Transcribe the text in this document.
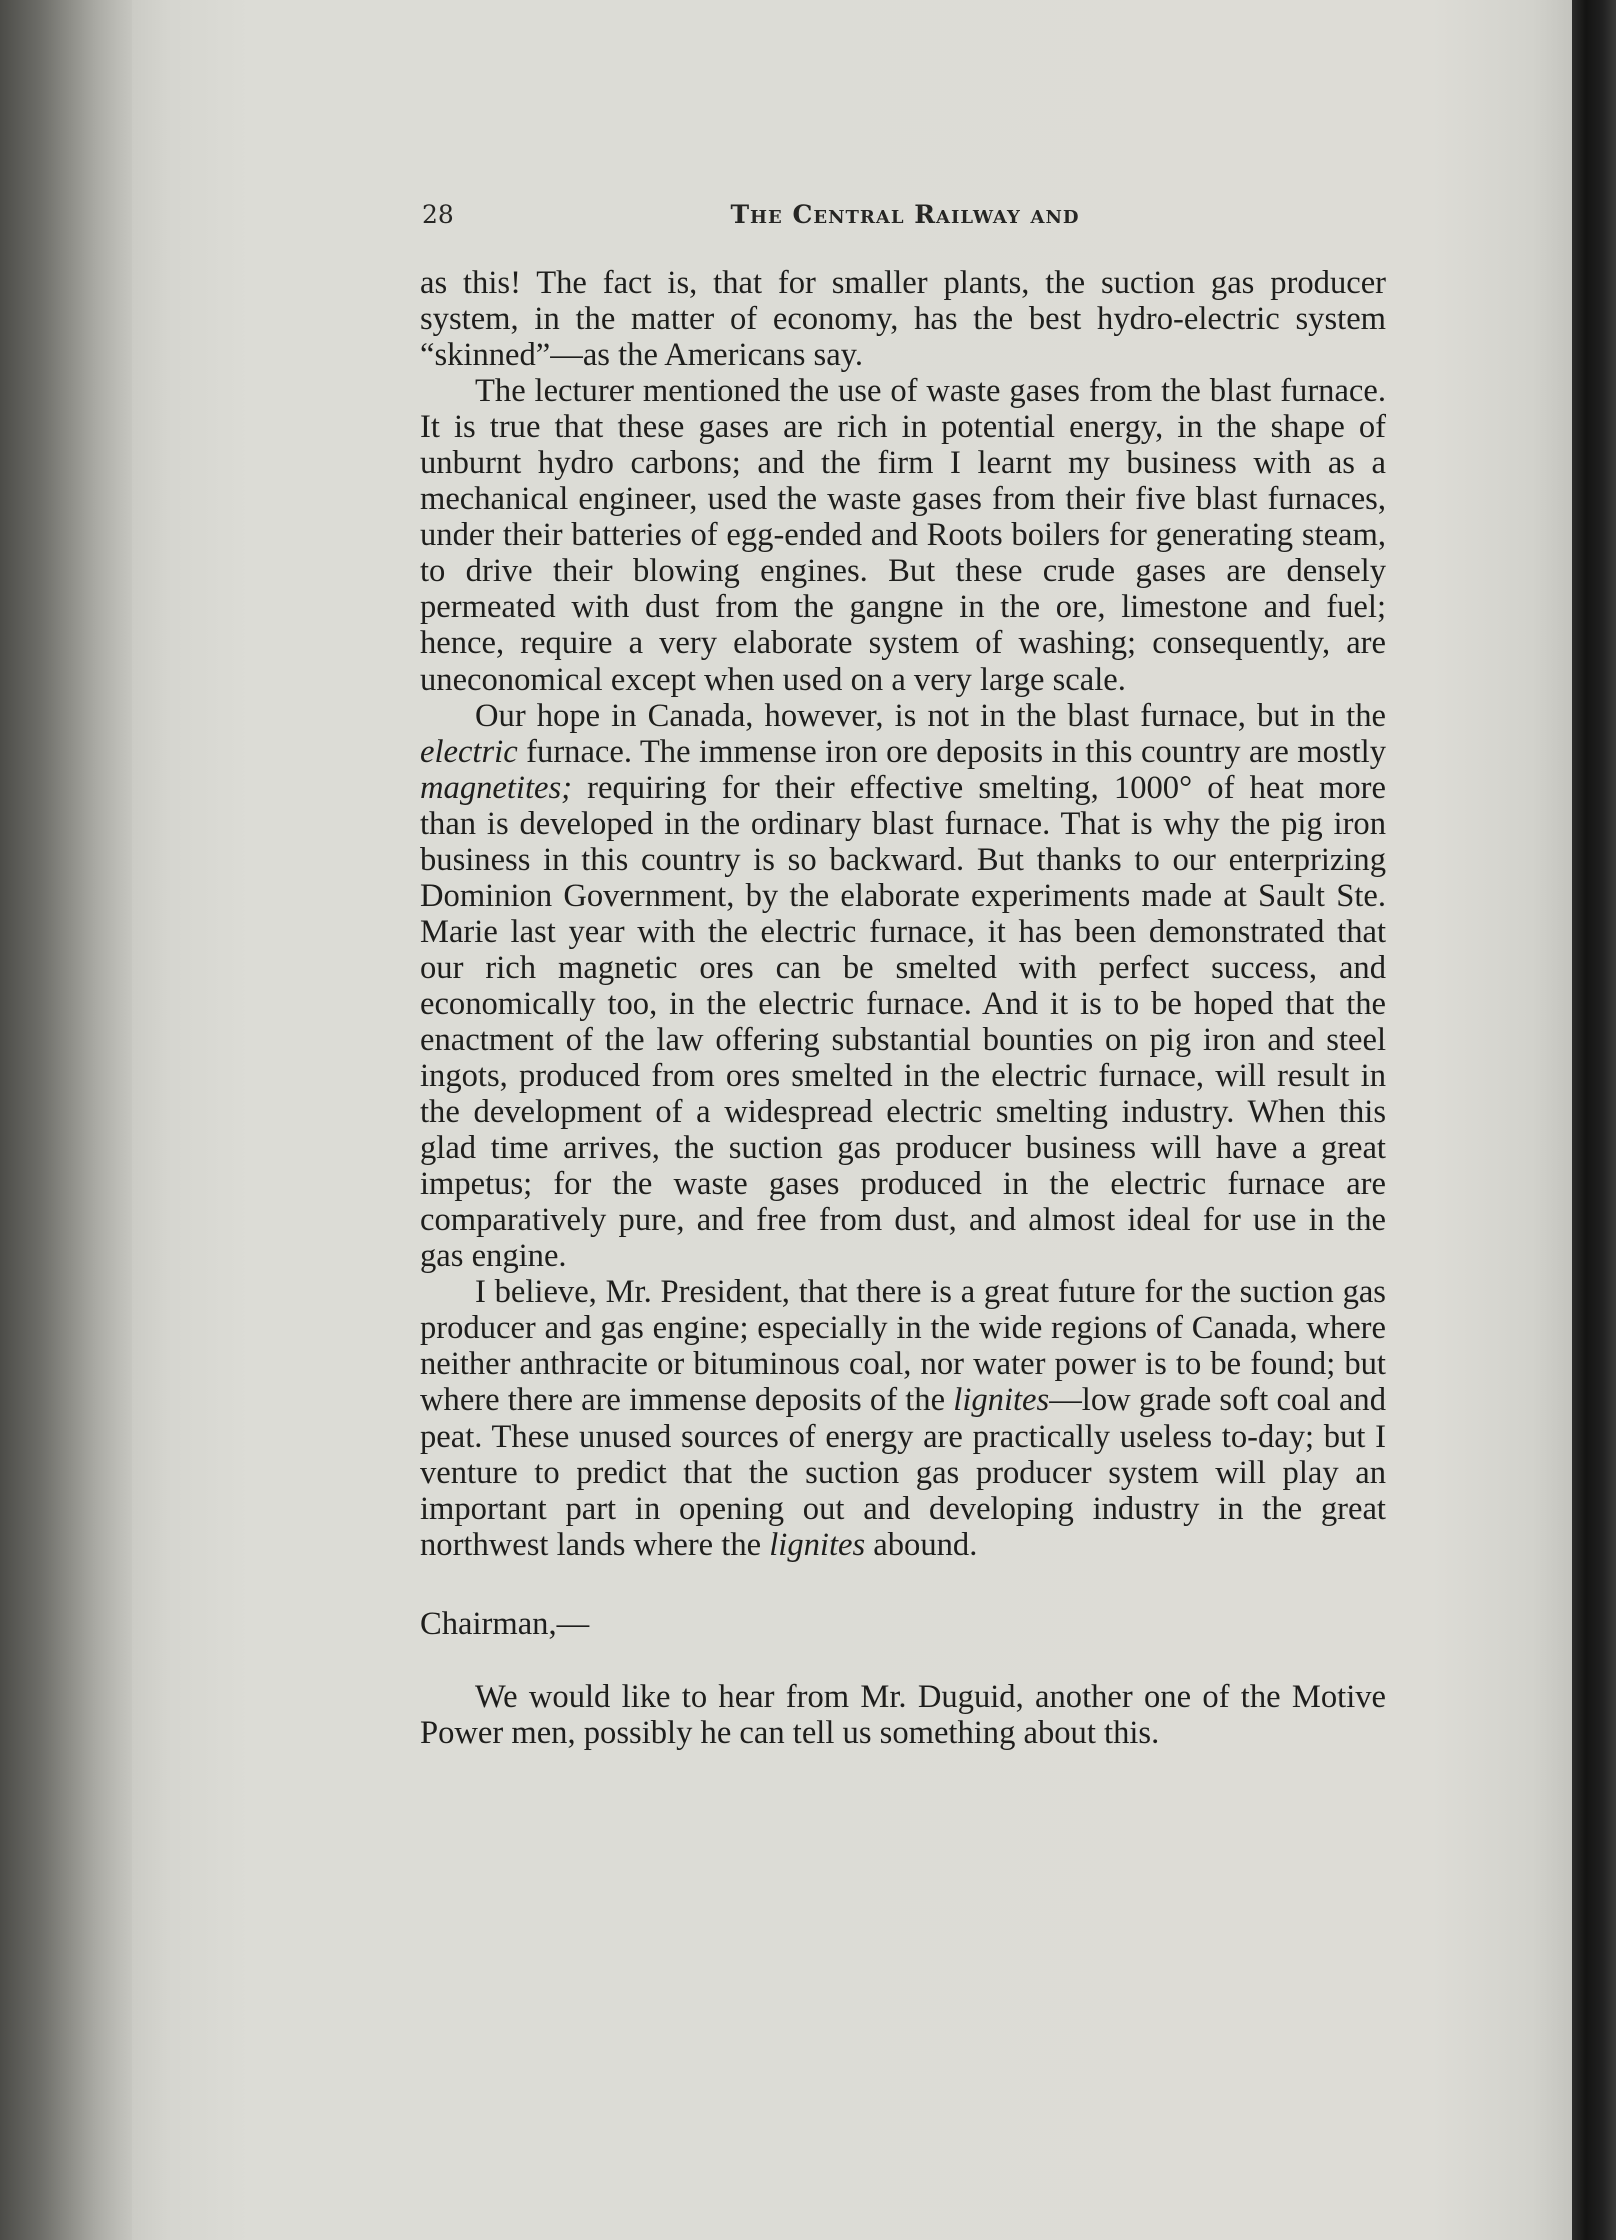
28	The Central Railway and

as this! The fact is, that for smaller plants, the suction gas producer system, in the matter of economy, has the best hydro-electric system “skinned”—as the Americans say.

The lecturer mentioned the use of waste gases from the blast furnace. It is true that these gases are rich in potential energy, in the shape of unburnt hydro carbons; and the firm I learnt my business with as a mechanical engineer, used the waste gases from their five blast furnaces, under their batteries of egg-ended and Roots boilers for generating steam, to drive their blowing engines. But these crude gases are densely permeated with dust from the gangne in the ore, limestone and fuel; hence, require a very elaborate system of washing; consequently, are uneconomical except when used on a very large scale.

Our hope in Canada, however, is not in the blast furnace, but in the electric furnace. The immense iron ore deposits in this country are mostly magnetites; requiring for their effective smelting, 1000° of heat more than is developed in the ordinary blast furnace. That is why the pig iron business in this country is so backward. But thanks to our enterprizing Dominion Government, by the elaborate experiments made at Sault Ste. Marie last year with the electric furnace, it has been demonstrated that our rich magnetic ores can be smelted with perfect success, and economically too, in the electric furnace. And it is to be hoped that the enactment of the law offering substantial bounties on pig iron and steel ingots, produced from ores smelted in the electric furnace, will result in the development of a widespread electric smelting industry. When this glad time arrives, the suction gas producer business will have a great impetus; for the waste gases produced in the electric furnace are comparatively pure, and free from dust, and almost ideal for use in the gas engine.

I believe, Mr. President, that there is a great future for the suction gas producer and gas engine; especially in the wide regions of Canada, where neither anthracite or bituminous coal, nor water power is to be found; but where there are immense deposits of the lignites—low grade soft coal and peat. These unused sources of energy are practically useless to-day; but I venture to predict that the suction gas producer system will play an important part in opening out and developing industry in the great northwest lands where the lignites abound.

Chairman,—

We would like to hear from Mr. Duguid, another one of the Motive Power men, possibly he can tell us something about this.
